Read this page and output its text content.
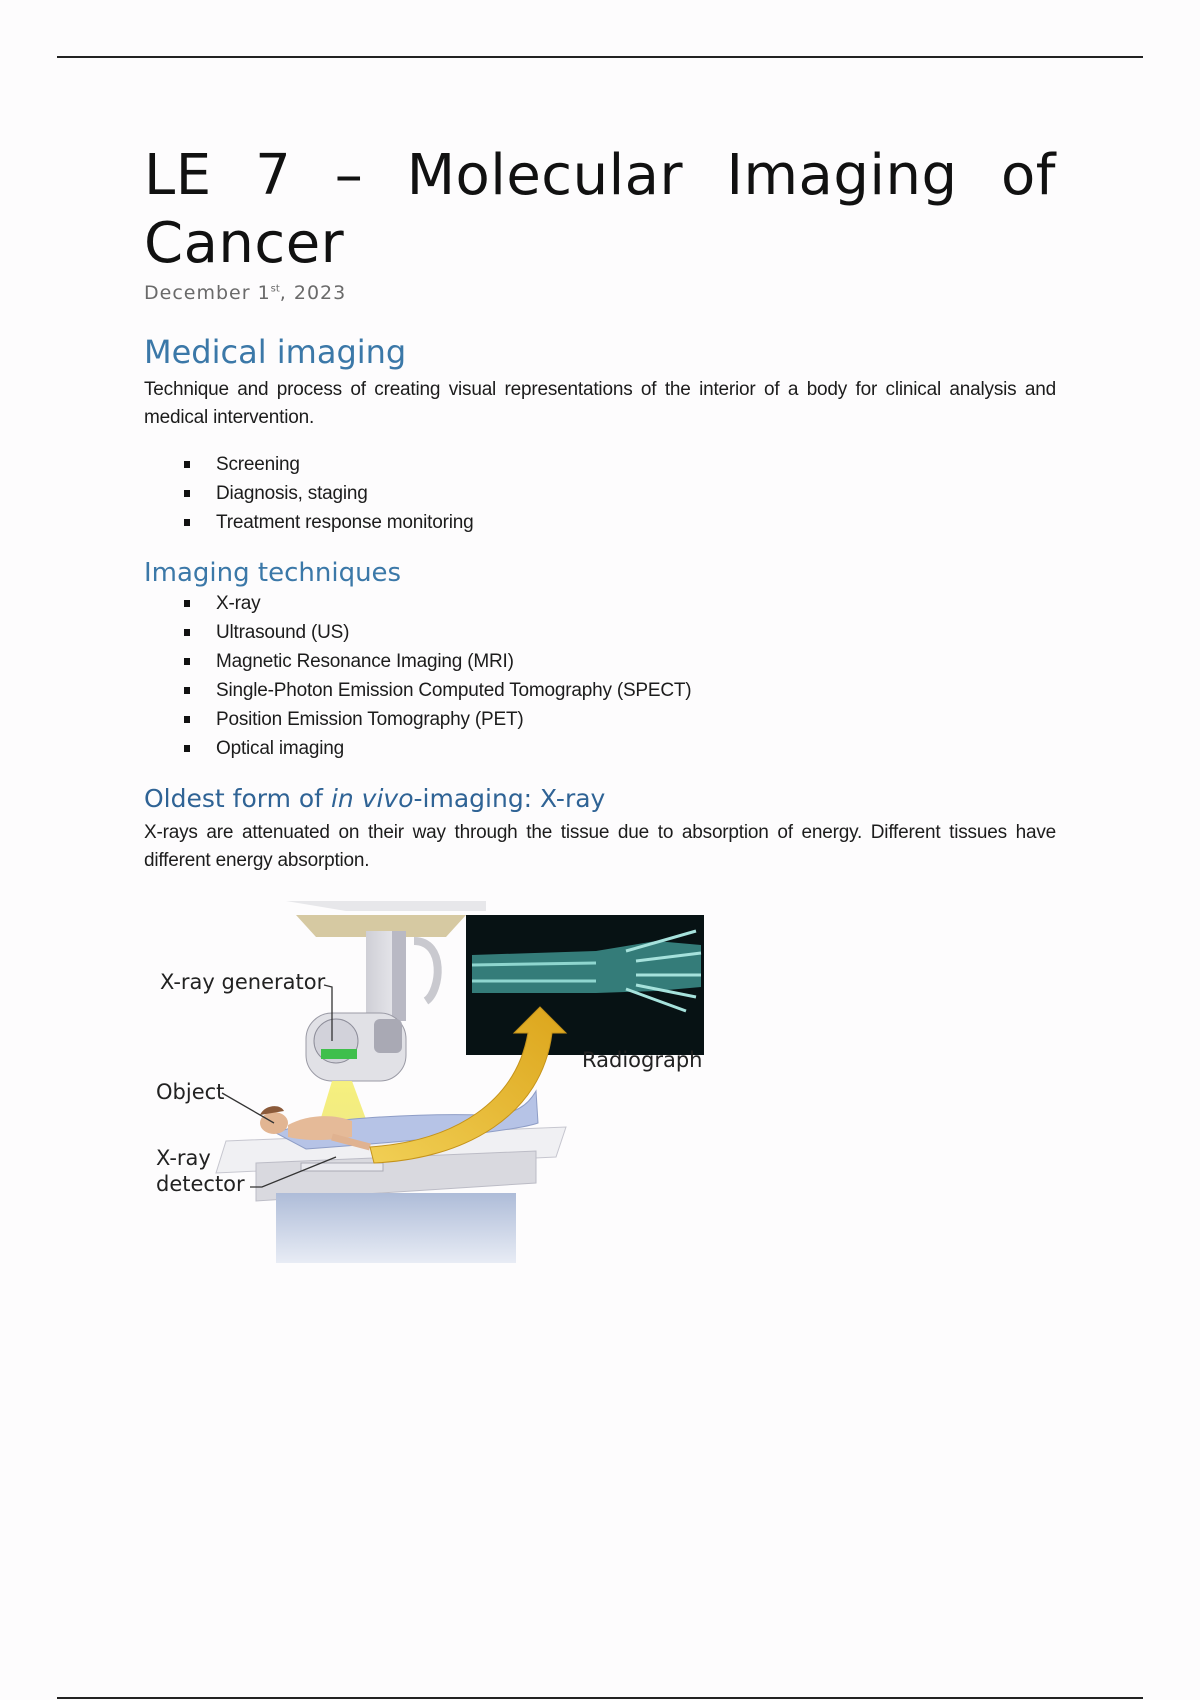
LE 7 – Molecular Imaging of Cancer
December 1st, 2023
Medical imaging

Technique and process of creating visual representations of the interior of a body for clinical analysis and medical intervention.

Screening
Diagnosis, staging
Treatment response monitoring
Imaging techniques
X-ray
Ultrasound (US)
Magnetic Resonance Imaging (MRI)
Single-Photon Emission Computed Tomography (SPECT)
Position Emission Tomography (PET)
Optical imaging
Oldest form of in vivo-imaging: X-ray

X-rays are attenuated on their way through the tissue due to absorption of energy. Different tissues have different energy absorption.

X-ray generator
Object
X-ray
detector
Radiograph
